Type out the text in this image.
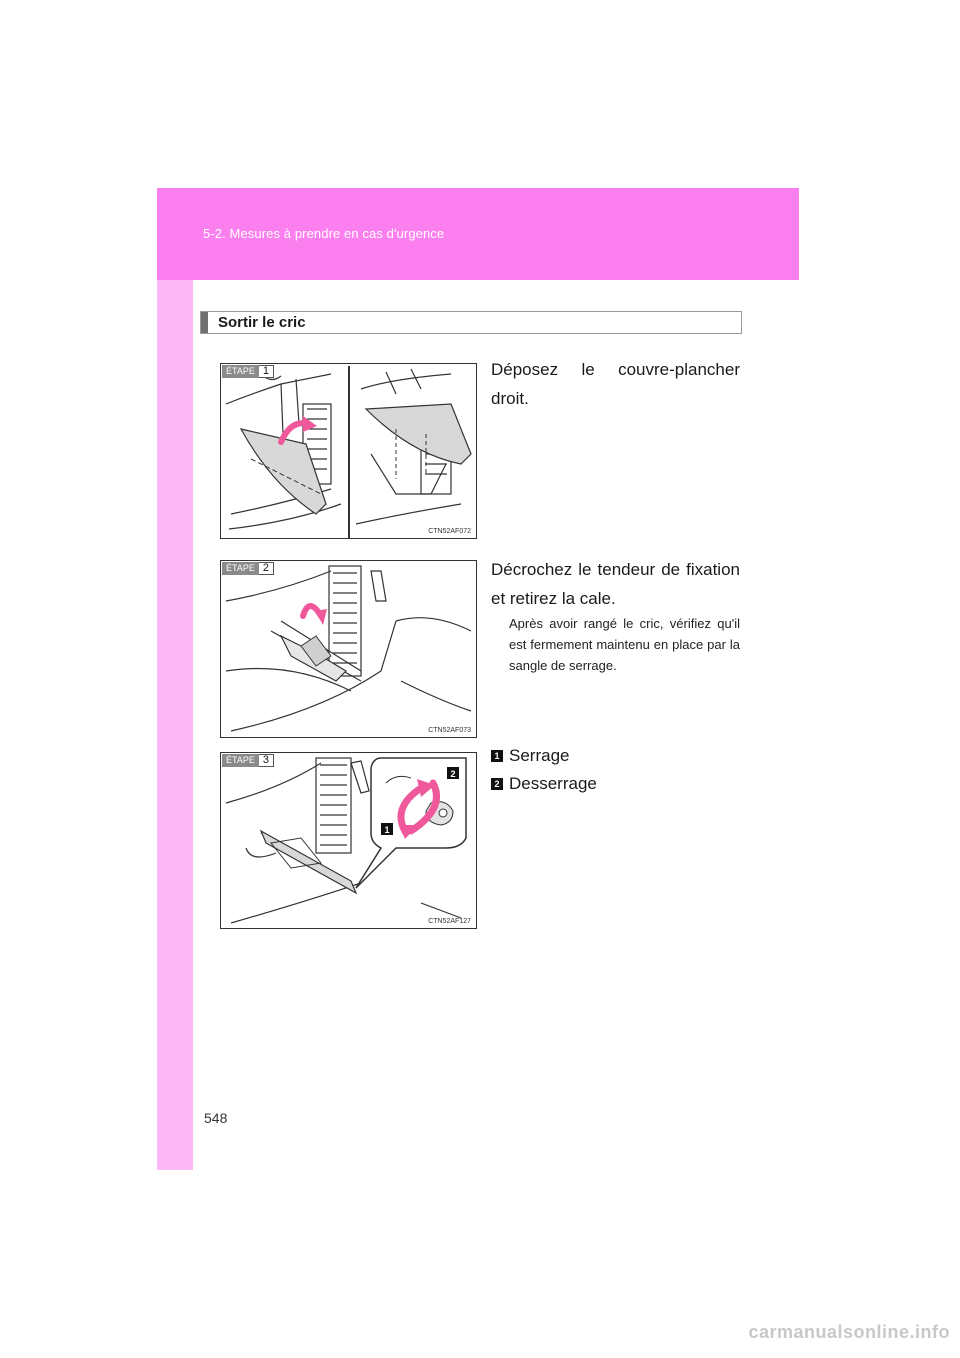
5-2. Mesures à prendre en cas d'urgence
Sortir le cric
ÉTAPE 1
CTN52AF072
Déposez le couvre-plancher droit.
ÉTAPE 2
CTN52AF073
Décrochez le tendeur de fixation et retirez la cale.
Après avoir rangé le cric, vérifiez qu'il est fermement maintenu en place par la sangle de serrage.
1
2
ÉTAPE 3
CTN52AF127
1 Serrage
2 Desserrage
548
carmanualsonline.info
